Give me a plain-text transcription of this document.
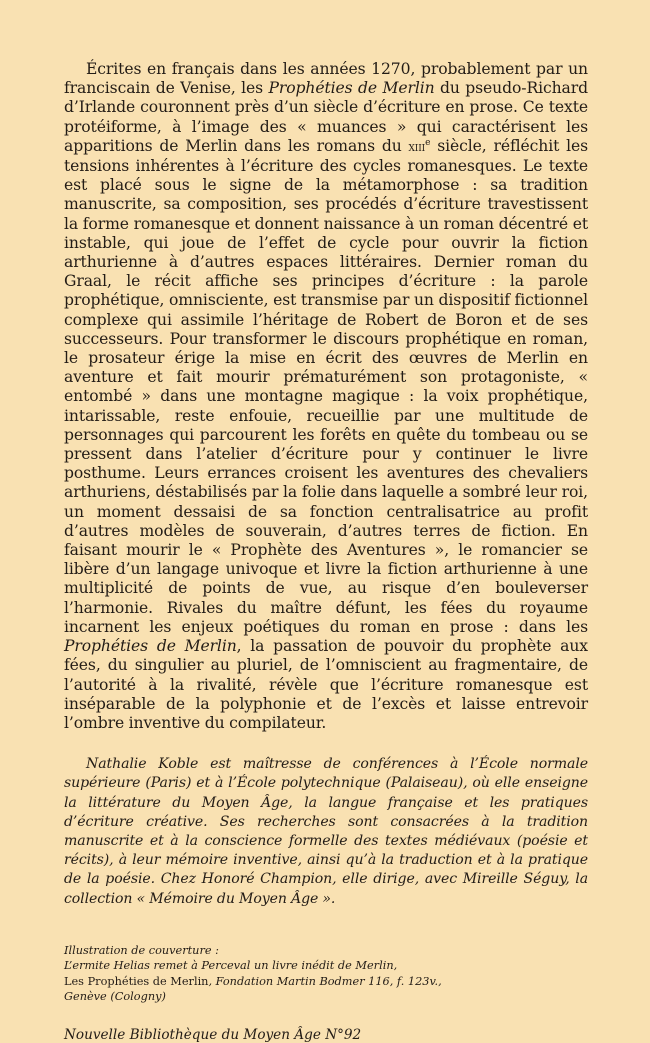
Écrites en français dans les années 1270, probablement par un franciscain de Venise, les Prophéties de Merlin du pseudo-Richard d’Irlande couronnent près d’un siècle d’écriture en prose. Ce texte protéiforme, à l’image des « muances » qui caractérisent les apparitions de Merlin dans les romans du xiii$^e$ siècle, réfléchit les tensions inhérentes à l’écriture des cycles romanesques. Le texte est placé sous le signe de la métamorphose : sa tradition manuscrite, sa composition, ses procédés d’écriture travestissent la forme romanesque et donnent naissance à un roman décentré et instable, qui joue de l’effet de cycle pour ouvrir la fiction arthurienne à d’autres espaces littéraires. Dernier roman du Graal, le récit affiche ses principes d’écriture : la parole prophétique, omnisciente, est transmise par un dispositif fictionnel complexe qui assimile l’héritage de Robert de Boron et de ses successeurs. Pour transformer le discours prophétique en roman, le prosateur érige la mise en écrit des œuvres de Merlin en aventure et fait mourir prématurément son protagoniste, « entombé » dans une montagne magique : la voix prophétique, intarissable, reste enfouie, recueillie par une multitude de personnages qui parcourent les forêts en quête du tombeau ou se pressent dans l’atelier d’écriture pour y continuer le livre posthume. Leurs errances croisent les aventures des chevaliers arthuriens, déstabilisés par la folie dans laquelle a sombré leur roi, un moment dessaisi de sa fonction centralisatrice au profit d’autres modèles de souverain, d’autres terres de fiction. En faisant mourir le « Prophète des Aventures », le romancier se libère d’un langage univoque et livre la fiction arthurienne à une multiplicité de points de vue, au risque d’en bouleverser l’harmonie. Rivales du maître défunt, les fées du royaume incarnent les enjeux poétiques du roman en prose : dans les Prophéties de Merlin, la passation de pouvoir du prophète aux fées, du singulier au pluriel, de l’omniscient au fragmentaire, de l’autorité à la rivalité, révèle que l’écriture romanesque est inséparable de la polyphonie et de l’excès et laisse entrevoir l’ombre inventive du compilateur.

Nathalie Koble est maîtresse de conférences à l’École normale supérieure (Paris) et à l’École polytechnique (Palaiseau), où elle enseigne la littérature du Moyen Âge, la langue française et les pratiques d’écriture créative. Ses recherches sont consacrées à la tradition manuscrite et à la conscience formelle des textes médiévaux (poésie et récits), à leur mémoire inventive, ainsi qu’à la traduction et à la pratique de la poésie. Chez Honoré Champion, elle dirige, avec Mireille Séguy, la collection « Mémoire du Moyen Âge ».

Illustration de couverture :
L’ermite Helias remet à Perceval un livre inédit de Merlin,
Les Prophéties de Merlin, Fondation Martin Bodmer 116, f. 123v.,
Genève (Cologny)
Nouvelle Bibliothèque du Moyen Âge N°92
